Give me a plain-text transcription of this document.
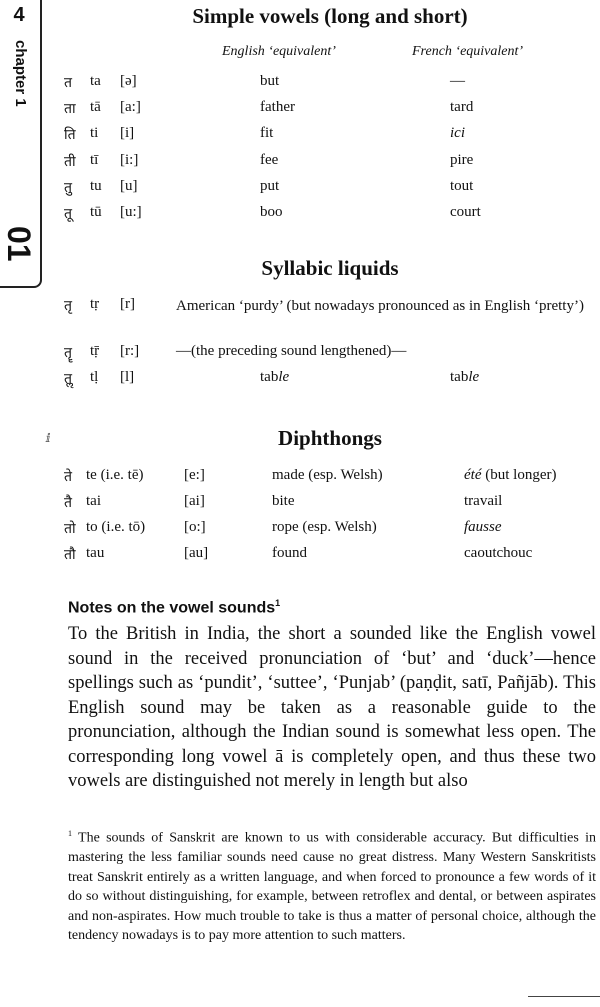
4
chapter 1
01
Simple vowels (long and short)
English ‘equivalent’	French ‘equivalent’
त ta [ə]	but	—
ता tā [a:]	father	tard
ति ti [i]	fit	ici
ती tī [i:]	fee	pire
तु tu [u]	put	tout
तू tū [u:]	boo	court
Syllabic liquids
तृ tṛ [r]	American ‘purdy’ (but nowadays pronounced as in English ‘pretty’)
तॄ tṝ [r:] —(the preceding sound lengthened)—
तॢ tḷ [l]	table	table
ⅈ	Diphthongs
ते te (i.e. tē)	[e:]	made (esp. Welsh)	été (but longer)
तै tai	[ai]	bite	travail
तो to (i.e. tō)	[o:]	rope (esp. Welsh)	fausse
तौ tau	[au]	found	caoutchouc
Notes on the vowel sounds$^1$
To the British in India, the short a sounded like the English vowel sound in the received pronunciation of ‘but’ and ‘duck’—hence spellings such as ‘pundit’, ‘suttee’, ‘Punjab’ (paṇḍit, satī, Pañjāb). This English sound may be taken as a reasonable guide to the pronunciation, although the Indian sound is somewhat less open. The corresponding long vowel ā is completely open, and thus these two vowels are distinguished not merely in length but also
$^1$ The sounds of Sanskrit are known to us with considerable accuracy. But difficulties in mastering the less familiar sounds need cause no great distress. Many Western Sanskritists treat Sanskrit entirely as a written language, and when forced to pronounce a few words of it do so without distinguishing, for example, between retroflex and dental, or between aspirates and non-aspirates. How much trouble to take is thus a matter of personal choice, although the tendency nowadays is to pay more attention to such matters.
